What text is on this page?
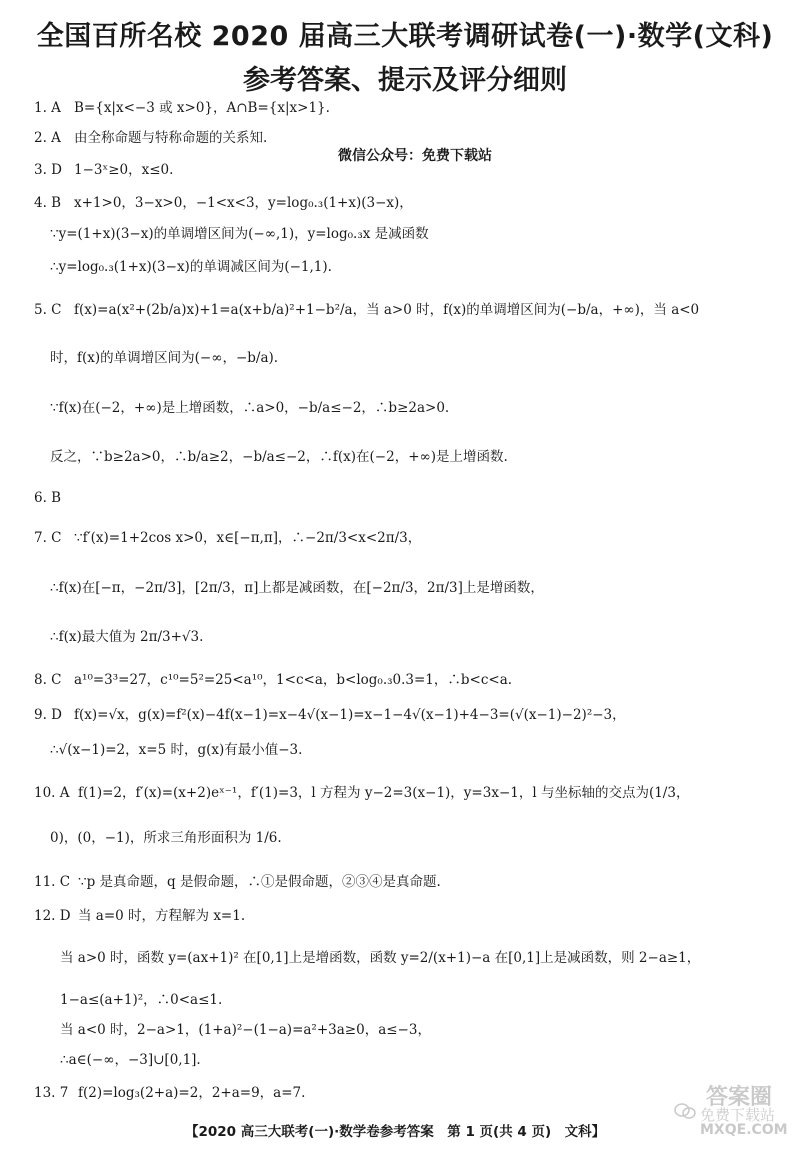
全国百所名校 2020 届高三大联考调研试卷(一)·数学(文科)
参考答案、提示及评分细则
微信公众号：免费下载站
1. A B={x|x<−3 或 x>0}，A∩B={x|x>1}.
2. A 由全称命题与特称命题的关系知.
3. D 1−3ˣ≥0，x≤0.
4. B x+1>0，3−x>0，−1<x<3，y=log₀.₃(1+x)(3−x)，
∵y=(1+x)(3−x)的单调增区间为(−∞,1)，y=log₀.₃x 是减函数
∴y=log₀.₃(1+x)(3−x)的单调减区间为(−1,1).
5. C f(x)=a(x²+(2b/a)x)+1=a(x+b/a)²+1−b²/a，当 a>0 时，f(x)的单调增区间为(−b/a，+∞)，当 a<0
时，f(x)的单调增区间为(−∞，−b/a).
∵f(x)在(−2，+∞)是上增函数，∴a>0，−b/a≤−2，∴b≥2a>0.
反之，∵b≥2a>0，∴b/a≥2，−b/a≤−2，∴f(x)在(−2，+∞)是上增函数.
6. B
7. C ∵f′(x)=1+2cos x>0，x∈[−π,π]，∴−2π/3<x<2π/3，
∴f(x)在[−π，−2π/3]，[2π/3，π]上都是减函数，在[−2π/3，2π/3]上是增函数，
∴f(x)最大值为 2π/3+√3.
8. C a¹⁰=3³=27，c¹⁰=5²=25<a¹⁰，1<c<a，b<log₀.₃0.3=1，∴b<c<a.
9. D f(x)=√x，g(x)=f²(x)−4f(x−1)=x−4√(x−1)=x−1−4√(x−1)+4−3=(√(x−1)−2)²−3，
∴√(x−1)=2，x=5 时，g(x)有最小值−3.
10. A f(1)=2，f′(x)=(x+2)eˣ⁻¹，f′(1)=3，l 方程为 y−2=3(x−1)，y=3x−1，l 与坐标轴的交点为(1/3，
0)，(0，−1)，所求三角形面积为 1/6.
11. C ∵p 是真命题，q 是假命题，∴①是假命题，②③④是真命题.
12. D 当 a=0 时，方程解为 x=1.
当 a>0 时，函数 y=(ax+1)² 在[0,1]上是增函数，函数 y=2/(x+1)−a 在[0,1]上是减函数，则 2−a≥1，
1−a≤(a+1)²，∴0<a≤1.
当 a<0 时，2−a>1，(1+a)²−(1−a)=a²+3a≥0，a≤−3，
∴a∈(−∞，−3]∪[0,1].
13. 7 f(2)=log₃(2+a)=2，2+a=9，a=7.
【2020 高三大联考(一)·数学卷参考答案　第 1 页(共 4 页)　文科】
答案圈
免费下载站
MXQE.COM
